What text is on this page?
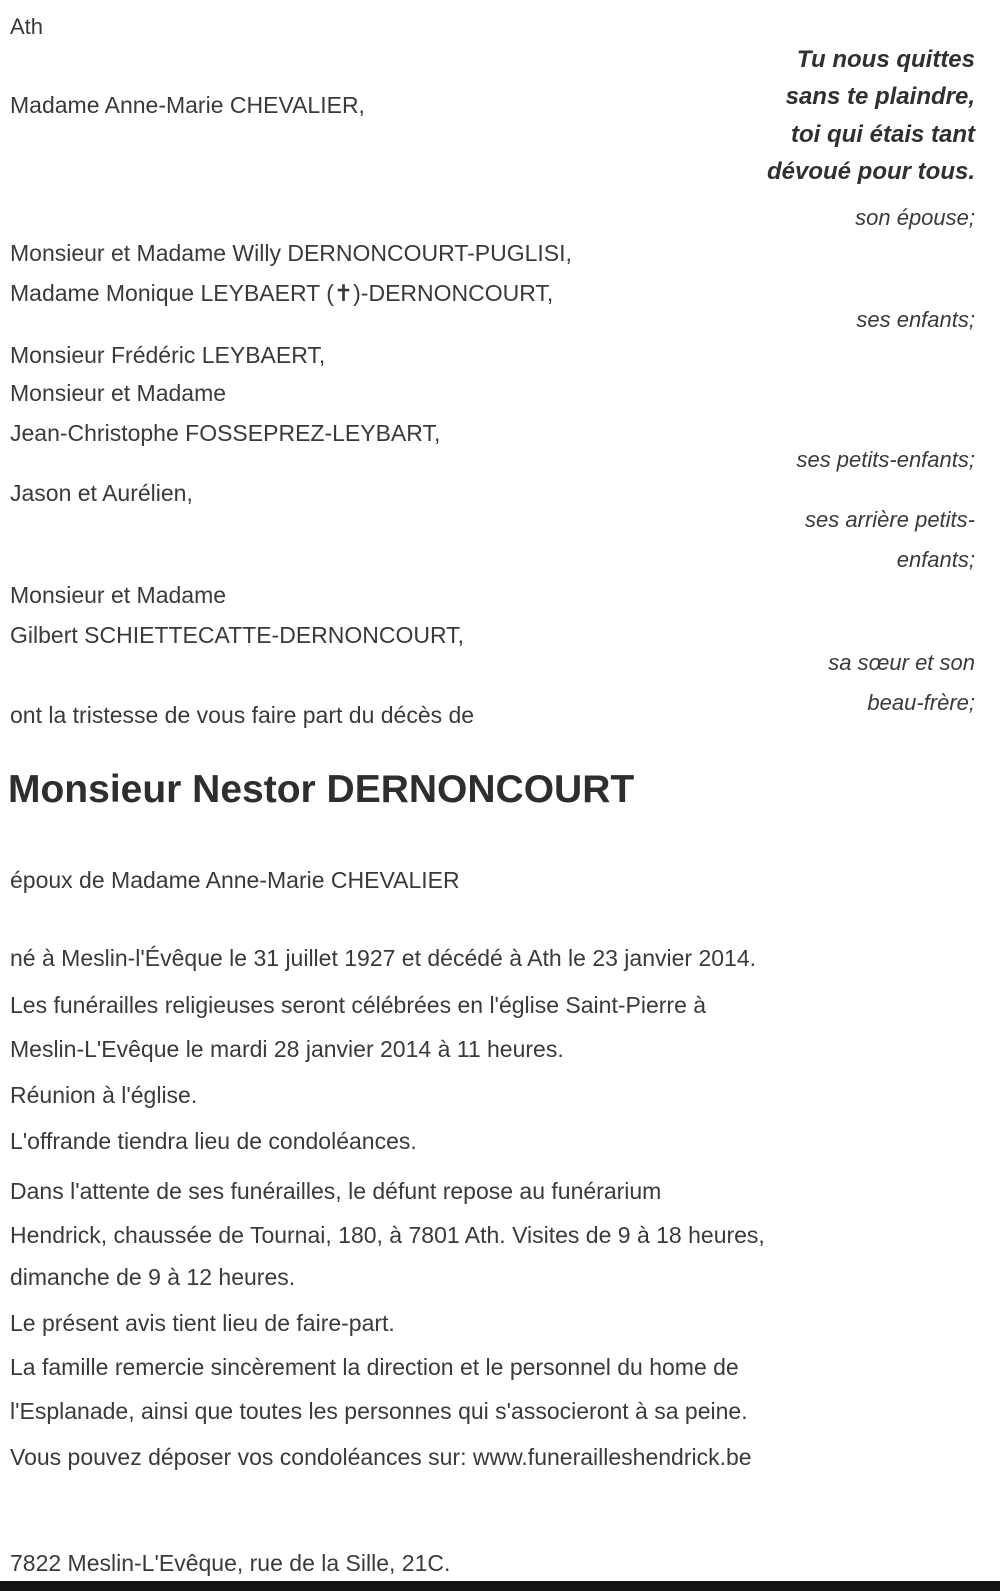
Ath
Tu nous quittes
sans te plaindre,
toi qui étais tant
dévoué pour tous.
Madame Anne-Marie CHEVALIER,
son épouse;
Monsieur et Madame Willy DERNONCOURT-PUGLISI,
Madame Monique LEYBAERT (✝)-DERNONCOURT,
ses enfants;
Monsieur Frédéric LEYBAERT,
Monsieur et Madame
Jean-Christophe FOSSEPREZ-LEYBART,
ses petits-enfants;
Jason et Aurélien,
ses arrière petits-enfants;
Monsieur et Madame
Gilbert SCHIETTECATTE-DERNONCOURT,
sa sœur et son beau-frère;
ont la tristesse de vous faire part du décès de
Monsieur Nestor DERNONCOURT
époux de Madame Anne-Marie CHEVALIER
né à Meslin-l'Évêque le 31 juillet 1927 et décédé à Ath le 23 janvier 2014.
Les funérailles religieuses seront célébrées en l'église Saint-Pierre à
Meslin-L'Evêque le mardi 28 janvier 2014 à 11 heures.
Réunion à l'église.
L'offrande tiendra lieu de condoléances.
Dans l'attente de ses funérailles, le défunt repose au funérarium
Hendrick, chaussée de Tournai, 180, à 7801 Ath. Visites de 9 à 18 heures,
dimanche de 9 à 12 heures.
Le présent avis tient lieu de faire-part.
La famille remercie sincèrement la direction et le personnel du home de
l'Esplanade, ainsi que toutes les personnes qui s'associeront à sa peine.
Vous pouvez déposer vos condoléances sur: www.funerailleshendrick.be
7822 Meslin-L'Evêque, rue de la Sille, 21C.
